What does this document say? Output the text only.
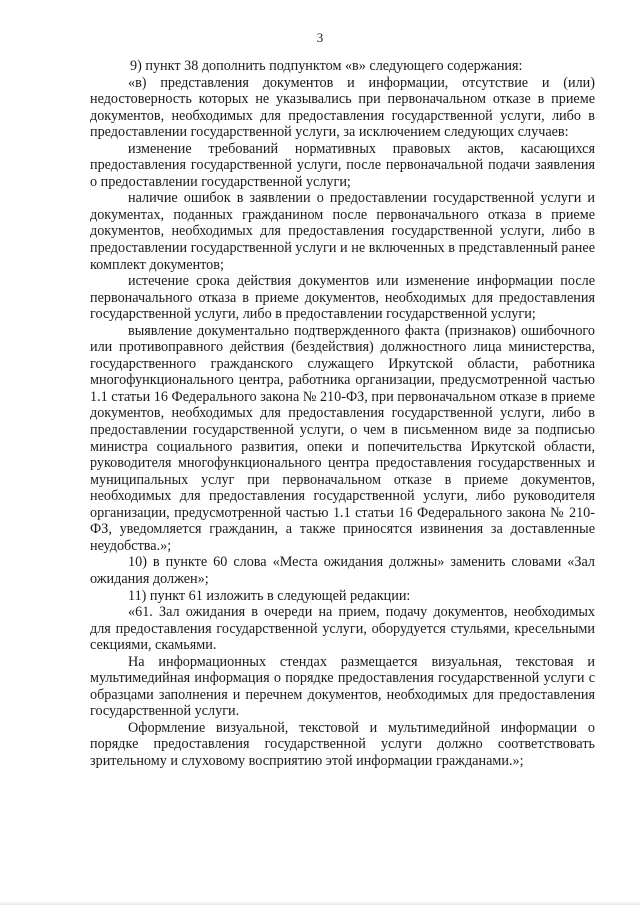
3

9) пункт 38 дополнить подпунктом «в» следующего содержания:

«в) представления документов и информации, отсутствие и (или) недостоверность которых не указывались при первоначальном отказе в приеме документов, необходимых для предоставления государственной услуги, либо в предоставлении государственной услуги, за исключением следующих случаев:

изменение требований нормативных правовых актов, касающихся предоставления государственной услуги, после первоначальной подачи заявления о предоставлении государственной услуги;

наличие ошибок в заявлении о предоставлении государственной услуги и документах, поданных гражданином после первоначального отказа в приеме документов, необходимых для предоставления государственной услуги, либо в предоставлении государственной услуги и не включенных в представленный ранее комплект документов;

истечение срока действия документов или изменение информации после первоначального отказа в приеме документов, необходимых для предоставления государственной услуги, либо в предоставлении государственной услуги;

выявление документально подтвержденного факта (признаков) ошибочного или противоправного действия (бездействия) должностного лица министерства, государственного гражданского служащего Иркутской области, работника многофункционального центра, работника организации, предусмотренной частью 1.1 статьи 16 Федерального закона № 210-ФЗ, при первоначальном отказе в приеме документов, необходимых для предоставления государственной услуги, либо в предоставлении государственной услуги, о чем в письменном виде за подписью министра социального развития, опеки и попечительства Иркутской области, руководителя многофункционального центра предоставления государственных и муниципальных услуг при первоначальном отказе в приеме документов, необходимых для предоставления государственной услуги, либо руководителя организации, предусмотренной частью 1.1 статьи 16 Федерального закона № 210-ФЗ, уведомляется гражданин, а также приносятся извинения за доставленные неудобства.»;

10) в пункте 60 слова «Места ожидания должны» заменить словами «Зал ожидания должен»;

11) пункт 61 изложить в следующей редакции:

«61. Зал ожидания в очереди на прием, подачу документов, необходимых для предоставления государственной услуги, оборудуется стульями, кресельными секциями, скамьями.

На информационных стендах размещается визуальная, текстовая и мультимедийная информация о порядке предоставления государственной услуги с образцами заполнения и перечнем документов, необходимых для предоставления государственной услуги.

Оформление визуальной, текстовой и мультимедийной информации о порядке предоставления государственной услуги должно соответствовать зрительному и слуховому восприятию этой информации гражданами.»;
